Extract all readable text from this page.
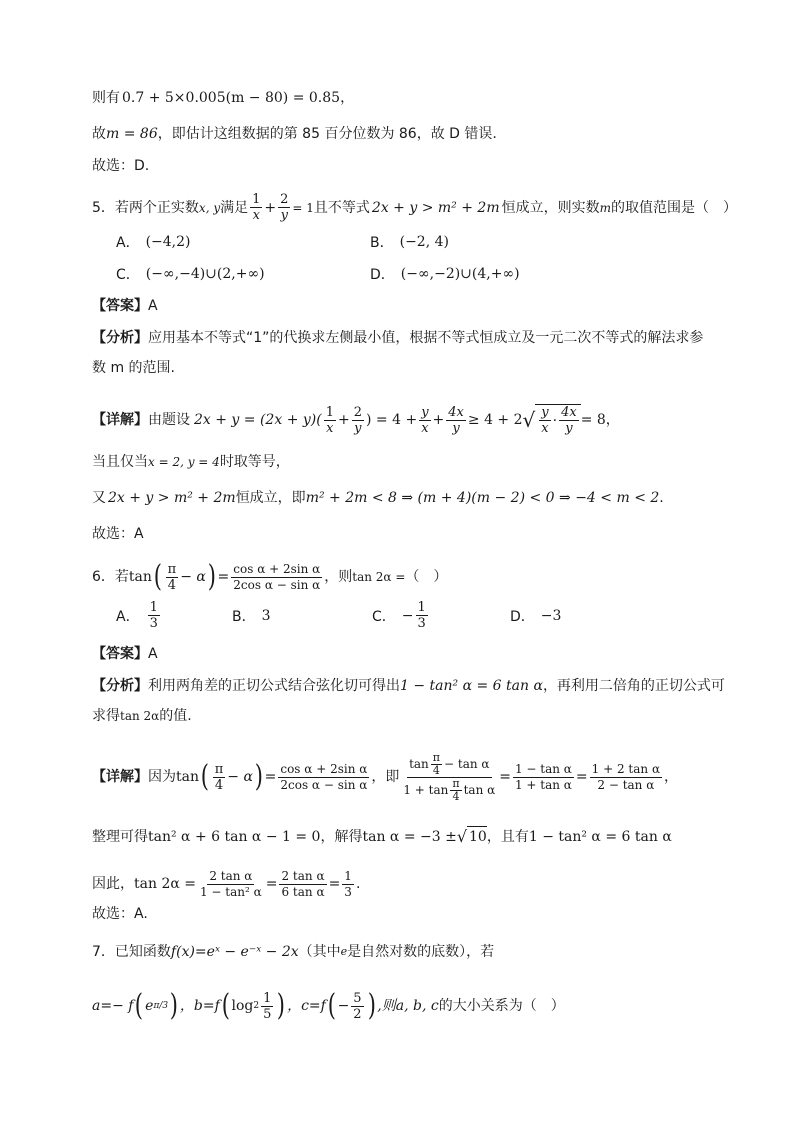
则有 0.7 + 5×0.005(m − 80) = 0.85 ，
故 m = 86 ，即估计这组数据的第 85 百分位数为 86，故 D 错误.
故选：D.
5．若两个正实数 x, y 满足 $\frac{1}{x} + \frac{2}{y} = 1$ 且不等式 2x + y > m² + 2m 恒成立，则实数 m 的取值范围是（　）
A． (−4,2)	B． (−2, 4)
C． (−∞,−4)∪(2,+∞)	D． (−∞,−2)∪(4,+∞)
【答案】 A
【分析】 应用基本不等式“1”的代换求左侧最小值，根据不等式恒成立及一元二次不等式的解法求参
数 m 的范围.
【详解】 由题设 $2x + y = (2x + y)( \frac{1}{x} + \frac{2}{y}$ ) = $4 + \frac{y}{x} + \frac{4x}{y} \ge 4 + 2$ √ $\frac{y}{x} \cdot \frac{4x}{y} = 8$ ，
当且仅当 x = 2, y = 4 时取等号，
又 2x + y > m² + 2m 恒成立，即 m² + 2m < 8 ⇒ (m + 4)(m − 2) < 0 ⇒ −4 < m < 2 .
故选：A
6．若 tan ( $\frac{\pi}{4} - \alpha$ ) = $\frac{\text{cos α + 2sin α}}{\text{2cos α − sin α}}$ ，则 tan 2α = （　）
A． $\frac{1}{3}$	B． 3	C． − $\frac{1}{3}$	D． −3
【答案】 A
【分析】 利用两角差的正切公式结合弦化切可得出 1 − tan² α = 6 tan α ，再利用二倍角的正切公式可
求得 tan 2α 的值.
【详解】 因为 tan ( $\frac{\pi}{4} - \alpha$ ) = $\frac{\text{cos α + 2sin α}}{\text{2cos α − sin α}}$ ，即 $\frac{\tan \frac{\pi}{4} - \tan \alpha}{1 + \tan \frac{\pi}{4} \tan \alpha} = \frac{\text{1 − tan α}}{\text{1 + tan α}} = \frac{\text{1 + 2 tan α}}{\text{2 − tan α}}$ ，
整理可得 tan² α + 6 tan α − 1 = 0 ，解得 tan α = −3 ± √ 10 ，且有 1 − tan² α = 6 tan α
因此， $\tan 2\alpha = \frac{\text{2 tan α}}{\text{1 − tan² α}} = \frac{\text{2 tan α}}{\text{6 tan α}} = \frac{1}{3}$ .
故选：A.
7．已知函数 f(x)=eˣ − e⁻ˣ − 2x （其中 e 是自然对数的底数），若
a=− f ( e π/3 ) ，b=f ( $\log 2 \frac{1}{5}$ ) ，c=f ( − $\frac{5}{2}$ ) ,则a, b, c 的大小关系为（　）
